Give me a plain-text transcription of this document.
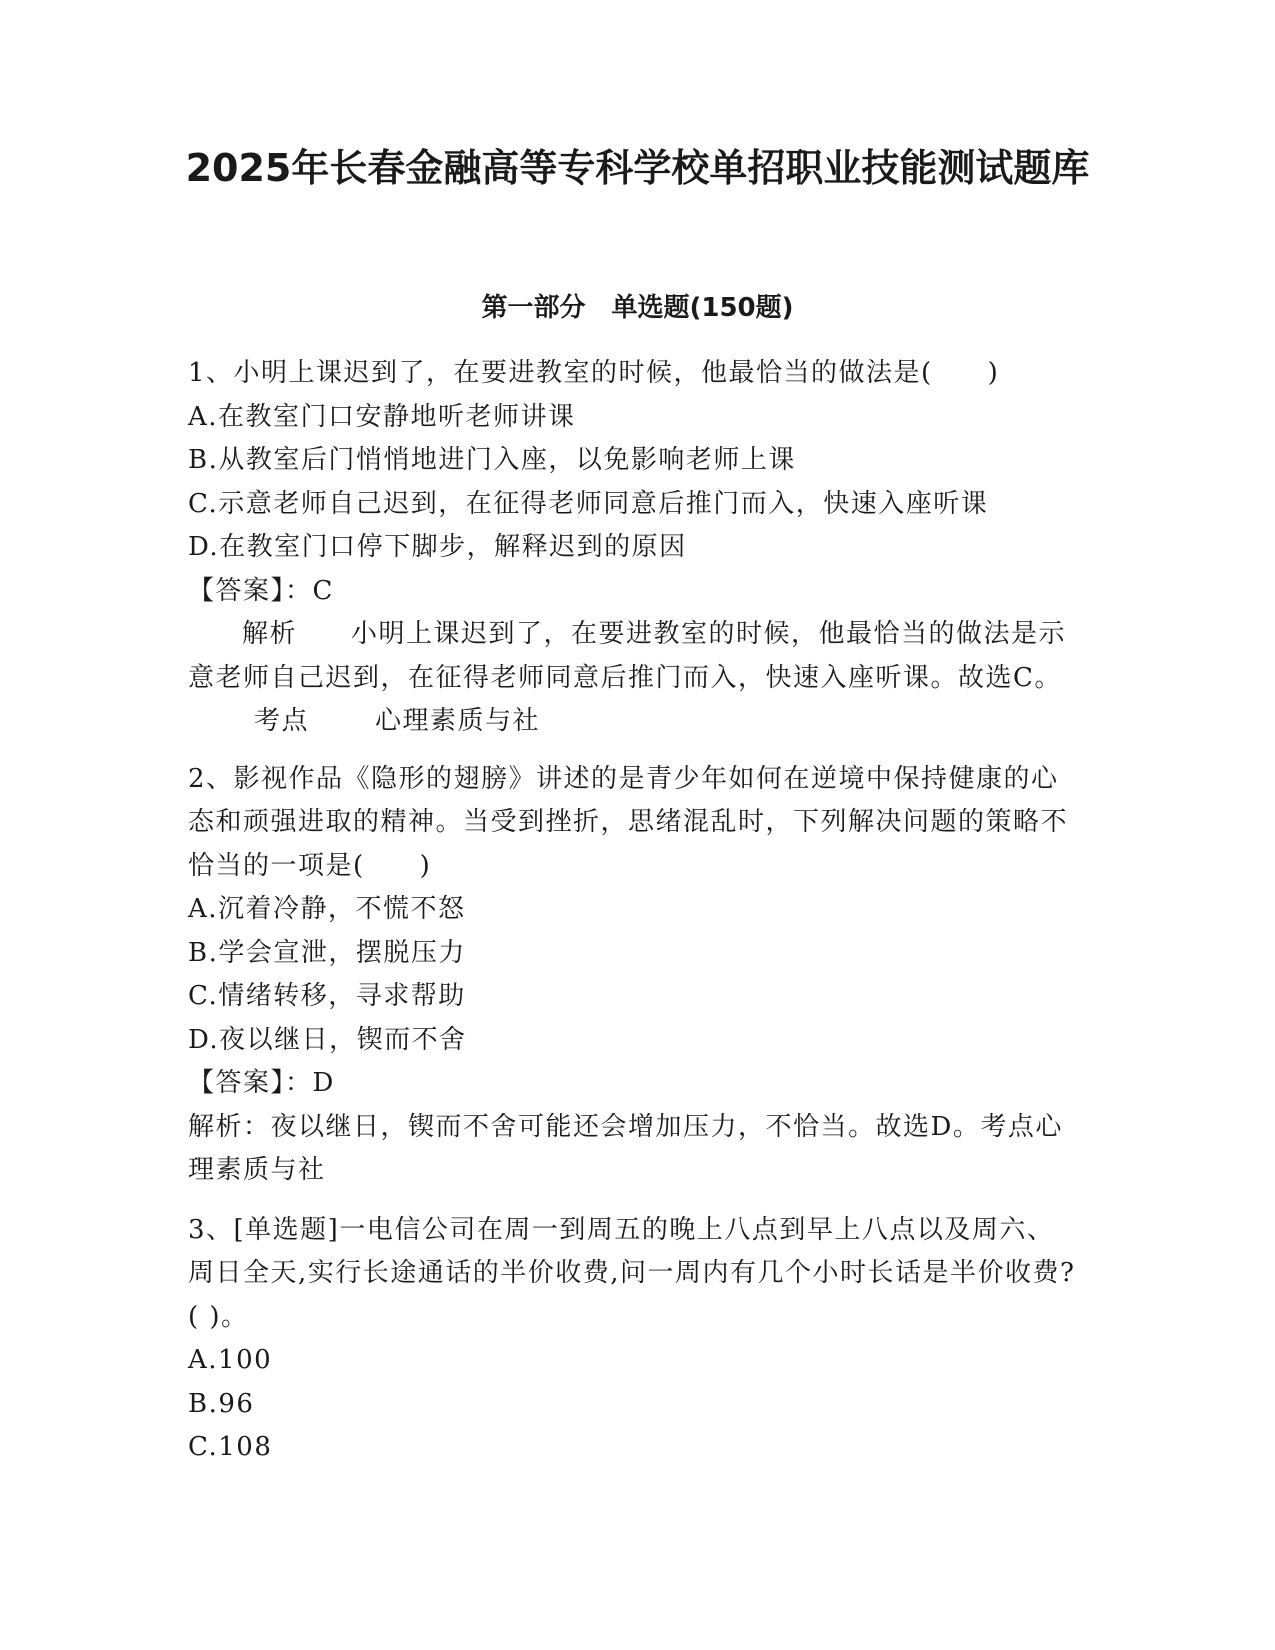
2025年长春金融高等专科学校单招职业技能测试题库
第一部分　单选题(150题)

1、小明上课迟到了，在要进教室的时候，他最恰当的做法是(　　)

A.在教室门口安静地听老师讲课

B.从教室后门悄悄地进门入座，以免影响老师上课

C.示意老师自己迟到，在征得老师同意后推门而入，快速入座听课

D.在教室门口停下脚步，解释迟到的原因

【答案】：C

解析 小明上课迟到了，在要进教室的时候，他最恰当的做法是示意老师自己迟到，在征得老师同意后推门而入，快速入座听课。故选C。考点	心理素质与社

2、影视作品《隐形的翅膀》讲述的是青少年如何在逆境中保持健康的心态和顽强进取的精神。当受到挫折，思绪混乱时，下列解决问题的策略不恰当的一项是(　　)

A.沉着冷静，不慌不怒

B.学会宣泄，摆脱压力

C.情绪转移，寻求帮助

D.夜以继日，锲而不舍

【答案】：D

解析：夜以继日，锲而不舍可能还会增加压力，不恰当。故选D。考点心理素质与社

3、[单选题]一电信公司在周一到周五的晚上八点到早上八点以及周六、周日全天,实行长途通话的半价收费,问一周内有几个小时长话是半价收费?( )。

A.100

B.96

C.108
